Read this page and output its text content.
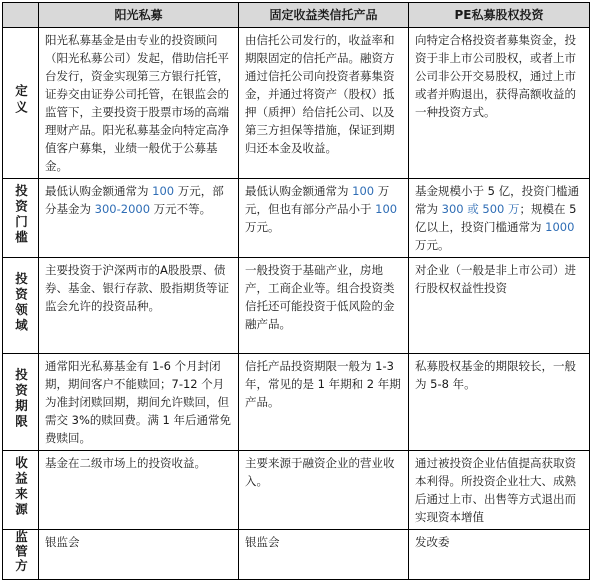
	阳光私募	固定收益类信托产品	PE私募股权投资
定义	阳光私募基金是由专业的投资顾问（阳光私募公司）发起，借助信托平台发行，资金实现第三方银行托管，证券交由证券公司托管，在银监会的监管下，主要投资于股票市场的高端理财产品。阳光私募基金向特定高净值客户募集，业绩一般优于公募基金。	由信托公司发行的，收益率和期限固定的信托产品。融资方通过信托公司向投资者募集资金，并通过将资产（股权）抵押（质押）给信托公司、以及第三方担保等措施，保证到期归还本金及收益。	向特定合格投资者募集资金，投资于非上市公司股权，或者上市公司非公开交易股权，通过上市或者并购退出，获得高额收益的一种投资方式。
投资门槛	最低认购金额通常为 100 万元，部分基金为 300-2000 万元不等。	最低认购金额通常为 100 万元，但也有部分产品小于 100 万元。	基金规模小于 5 亿，投资门槛通常为 300 或 500 万；规模在 5 亿以上，投资门槛通常为 1000 万元。
投资领域	主要投资于沪深两市的A股股票、债券、基金、银行存款、股指期货等证监会允许的投资品种。	一般投资于基础产业，房地产，工商企业等。组合投资类信托还可能投资于低风险的金融产品。	对企业（一般是非上市公司）进行股权权益性投资
投资期限	通常阳光私募基金有 1-6 个月封闭期，期间客户不能赎回；7-12 个月为准封闭赎回期，期间允许赎回，但需交 3%的赎回费。满 1 年后通常免费赎回。	信托产品投资期限一般为 1-3 年，常见的是 1 年期和 2 年期产品。	私募股权基金的期限较长，一般为 5-8 年。
收益来源	基金在二级市场上的投资收益。	主要来源于融资企业的营业收入。	通过被投资企业估值提高获取资本利得。所投资企业壮大、成熟后通过上市、出售等方式退出而实现资本增值
监管方	银监会	银监会	发改委
